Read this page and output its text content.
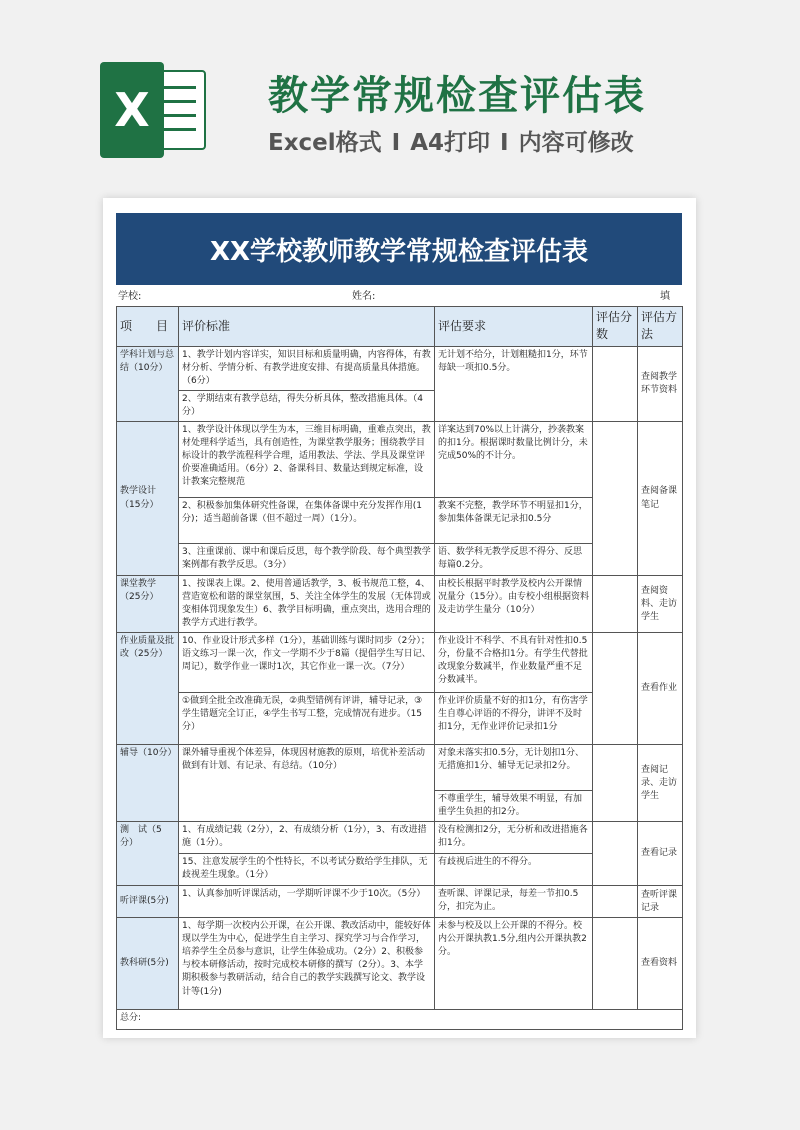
X	教学常规检查评估表
Excel格式 I A4打印 I 内容可修改
XX学校教师教学常规检查评估表
学校:	姓名:	填
项　　目	评价标准	评估要求	评估分数	评估方法
学科计划与总结（10分）	1、教学计划内容详实，知识目标和质量明确，内容得体，有教材分析、学情分析、有教学进度安排、有提高质量具体措施。（6分）	无计划不给分，计划粗糙扣1分，环节每缺一项扣0.5分。		查阅教学环节资料
	2、学期结束有教学总结，得失分析具体，整改措施具体。（4分）			
教学设计（15分）	1、教学设计体现以学生为本，三维目标明确，重难点突出，教材处理科学适当，具有创造性，为课堂教学服务；围绕教学目标设计的教学流程科学合理，适用教法、学法、学具及课堂评价要准确适用。（6分）2、备课科目、数量达到规定标准，设计教案完整规范	详案达到70%以上计满分，抄袭教案的扣1分。根据课时数量比例计分，未完成50%的不计分。		查阅备课笔记
	2、积极参加集体研究性备课，在集体备课中充分发挥作用(1分)；适当超前备课（但不超过一周）（1分）。	教案不完整，教学环节不明显扣1分，参加集体备课无记录扣0.5分		
	3、注重课前、课中和课后反思，每个教学阶段、每个典型教学案例都有教学反思。（3分）	语、数学科无教学反思不得分、反思每篇0.2分。		
课堂教学（25分）	1、按课表上课。2、使用普通话教学，3、板书规范工整，4、营造宽松和谐的课堂氛围，5、关注全体学生的发展（无体罚或变相体罚现象发生）6、教学目标明确，重点突出，选用合理的教学方式进行教学。	由校长根据平时教学及校内公开课情况量分（15分）。由专校小组根据资料及走访学生量分（10分）		查阅资料、走访学生
作业质量及批改（25分）	10、作业设计形式多样（1分），基础训练与课时同步（2分）；语文练习一课一次，作文一学期不少于8篇（提倡学生写日记、周记），数学作业一课时1次，其它作业一课一次。（7分）	作业设计不科学、不具有针对性扣0.5分，份量不合格扣1分。有学生代替批改现象分数减半，作业数量严重不足分数减半。		查看作业
	①做到全批全改准确无误，②典型错例有评讲，辅导记录，③学生错题完全订正，④学生书写工整，完成情况有进步。（15分）	作业评价质量不好的扣1分，有伤害学生自尊心评语的不得分，讲评不及时扣1分，无作业评价记录扣1分		
辅导（10分）	课外辅导重视个体差异，体现因材施教的原则，培优补差活动做到有计划、有记录、有总结。（10分）	对象未落实扣0.5分，无计划扣1分、无措施扣1分、辅导无记录扣2分。		查阅记录、走访学生
		不尊重学生，辅导效果不明显，有加重学生负担的扣2分。		
测　试（5分）	1、有成绩记载（2分），2、有成绩分析（1分），3、有改进措施（1分）。	没有检测扣2分，无分析和改进措施各扣1分。		查看记录
	15、注意发展学生的个性特长，不以考试分数给学生排队，无歧视差生现象。（1分）	有歧视后进生的不得分。		
听评课(5分)	1、认真参加听评课活动，一学期听评课不少于10次。（5分）	查听课、评课记录，每差一节扣0.5分，扣完为止。		查听评课记录
教科研(5分)	1、每学期一次校内公开课，在公开课、教改活动中，能较好体现以学生为中心，促进学生自主学习、探究学习与合作学习，培养学生全员参与意识，让学生体验成功。（2分）2、积极参与校本研修活动，按时完成校本研修的撰写（2分）。3、本学期积极参与教研活动，结合自己的教学实践撰写论文、教学设计等(1分)	未参与校及以上公开课的不得分。校内公开课执教1.5分,组内公开课执教2分。		查看资料
总分:				
